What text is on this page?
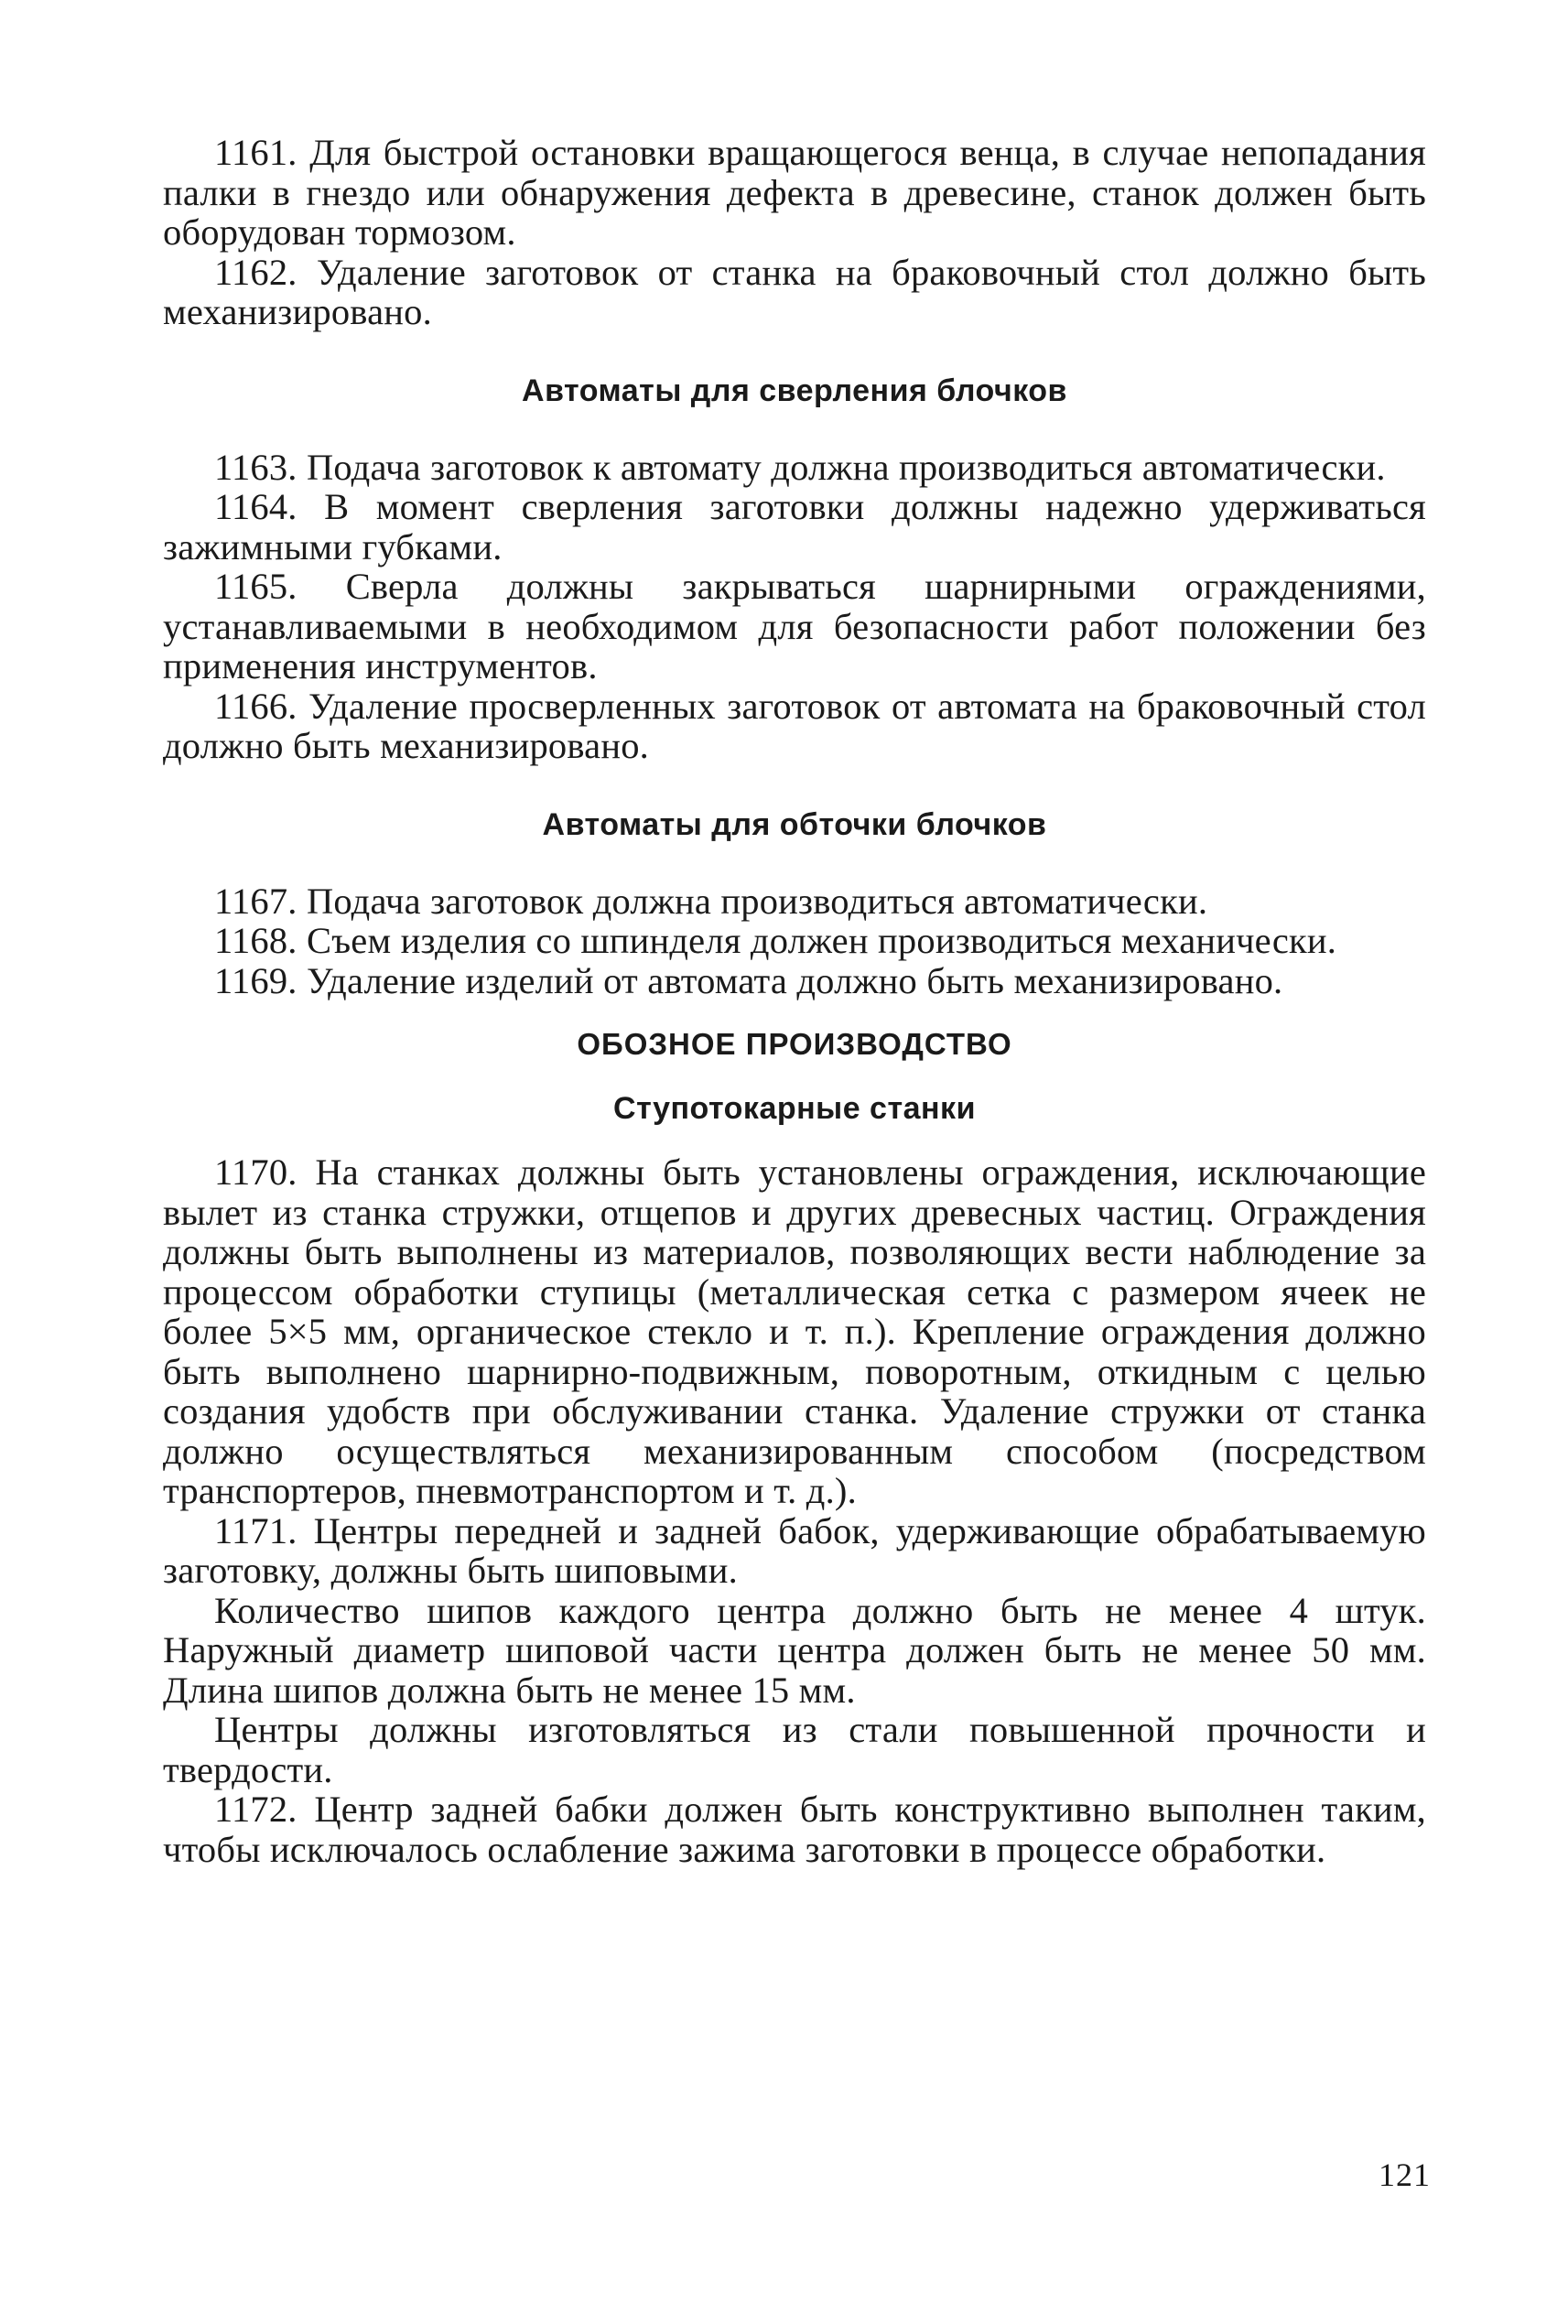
1161. Для быстрой остановки вращающегося венца, в случае непопадания палки в гнездо или обнаружения дефекта в древесине, станок должен быть оборудован тормозом.

1162. Удаление заготовок от станка на браковочный стол должно быть механизировано.

Автоматы для сверления блочков

1163. Подача заготовок к автомату должна производиться автоматически.

1164. В момент сверления заготовки должны надежно удерживаться зажимными губками.

1165. Сверла должны закрываться шарнирными ограждениями, устанавливаемыми в необходимом для безопасности работ положении без применения инструментов.

1166. Удаление просверленных заготовок от автомата на браковочный стол должно быть механизировано.

Автоматы для обточки блочков

1167. Подача заготовок должна производиться автоматически.

1168. Съем изделия со шпинделя должен производиться механически.

1169. Удаление изделий от автомата должно быть механизировано.

ОБОЗНОЕ ПРОИЗВОДСТВО
Ступотокарные станки

1170. На станках должны быть установлены ограждения, исключающие вылет из станка стружки, отщепов и других древесных частиц. Ограждения должны быть выполнены из материалов, позволяющих вести наблюдение за процессом обработки ступицы (металлическая сетка с размером ячеек не более 5×5 мм, органическое стекло и т. п.). Крепление ограждения должно быть выполнено шарнирно-подвижным, поворотным, откидным с целью создания удобств при обслуживании станка. Удаление стружки от станка должно осуществляться механизированным способом (посредством транспортеров, пневмотранспортом и т. д.).

1171. Центры передней и задней бабок, удерживающие обрабатываемую заготовку, должны быть шиповыми.

Количество шипов каждого центра должно быть не менее 4 штук. Наружный диаметр шиповой части центра должен быть не менее 50 мм. Длина шипов должна быть не менее 15 мм.

Центры должны изготовляться из стали повышенной прочности и твердости.

1172. Центр задней бабки должен быть конструктивно выполнен таким, чтобы исключалось ослабление зажима заготовки в процессе обработки.

121
